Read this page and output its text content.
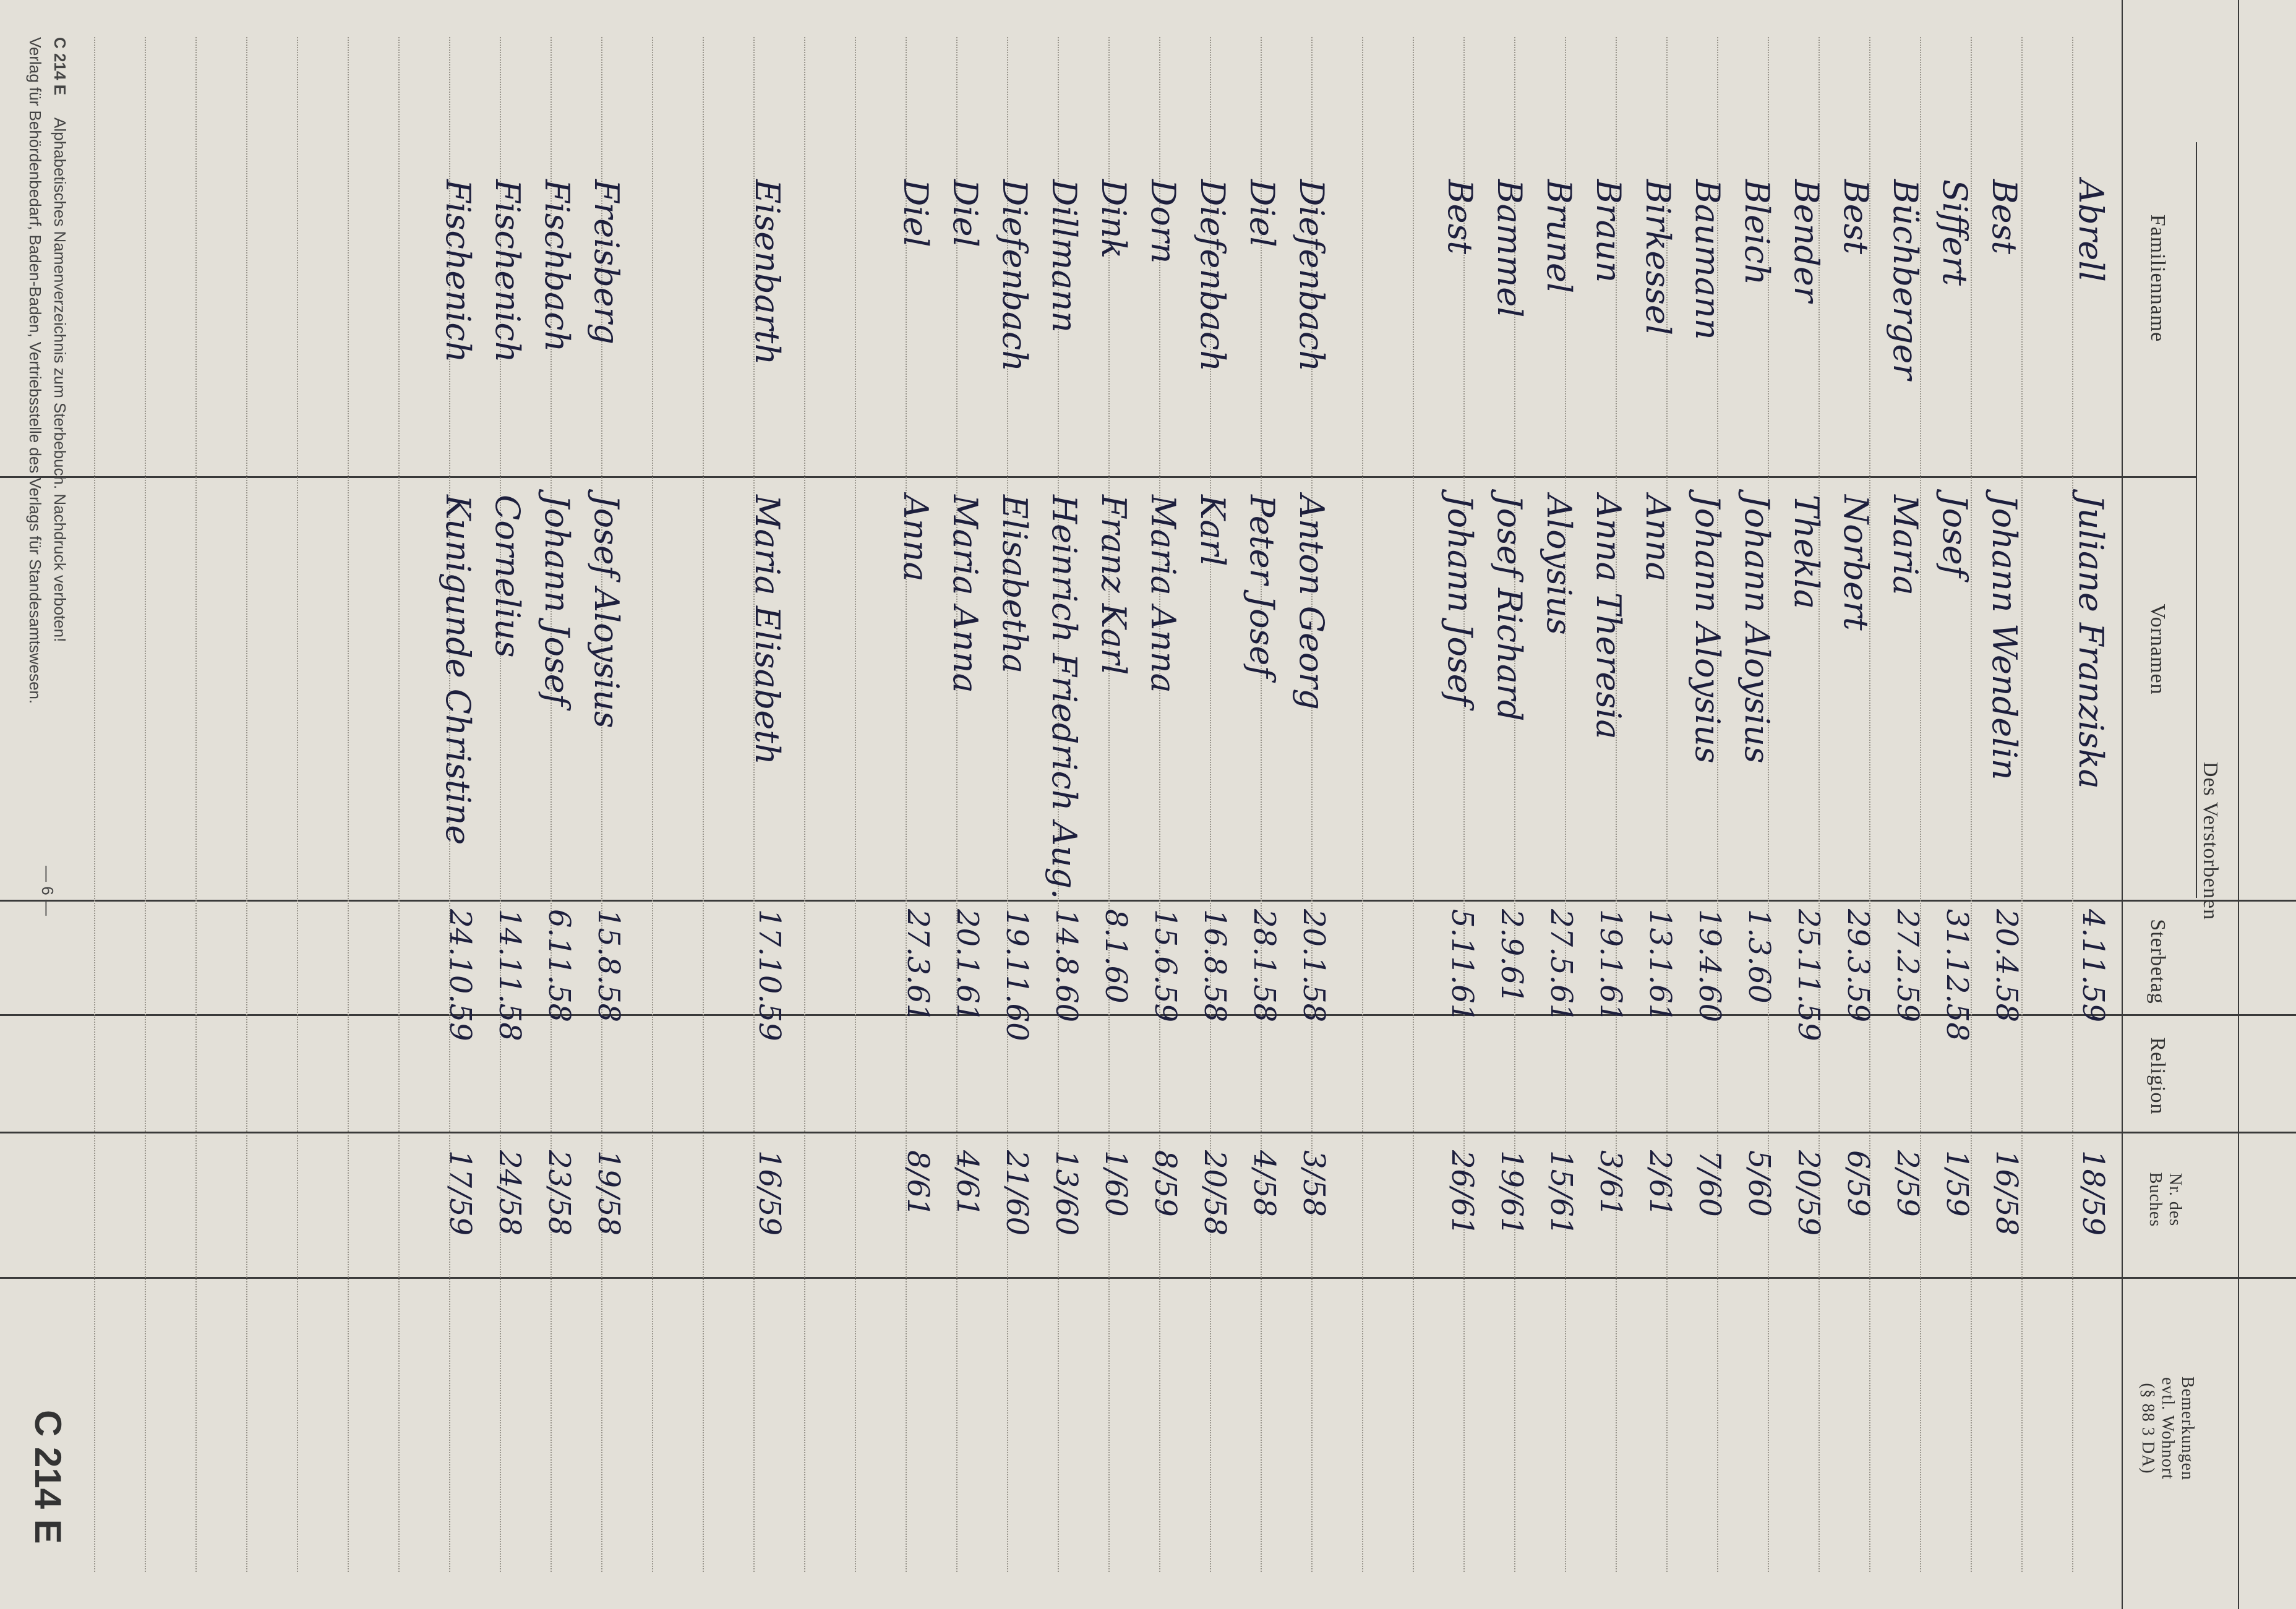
Des Verstorbenen
Familienname
Vornamen
Sterbetag
Religion
Nr. des
Buches
Bemerkungen
evtl. Wohnort
(§ 88 3 DA)
Abrell
Juliane Franziska
4.11.59
18/59
Best
Johann Wendelin
20.4.58
16/58
Siffert
Josef
31.12.58
1/59
Büchberger
Maria
27.2.59
2/59
Best
Norbert
29.3.59
6/59
Bender
Thekla
25.11.59
20/59
Bleich
Johann Aloysius
1.3.60
5/60
Baumann
Johann Aloysius
19.4.60
7/60
Birkessel
Anna
13.1.61
2/61
Braun
Anna Theresia
19.1.61
3/61
Brunel
Aloysius
27.5.61
15/61
Bammel
Josef Richard
2.9.61
19/61
Best
Johann Josef
5.11.61
26/61
Diefenbach
Anton Georg
20.1.58
3/58
Diel
Peter Josef
28.1.58
4/58
Diefenbach
Karl
16.8.58
20/58
Dorn
Maria Anna
15.6.59
8/59
Dink
Franz Karl
8.1.60
1/60
Dillmann
Heinrich Friedrich Aug.
14.8.60
13/60
Diefenbach
Elisabetha
19.11.60
21/60
Diel
Maria Anna
20.1.61
4/61
Diel
Anna
27.3.61
8/61
Eisenbarth
Maria Elisabeth
17.10.59
16/59
Freisberg
Josef Aloysius
15.8.58
19/58
Fischbach
Johann Josef
6.11.58
23/58
Fischenich
Cornelius
14.11.58
24/58
Fischenich
Kunigunde Christine
24.10.59
17/59
C 214 E
Alphabetisches Namenverzeichnis zum Sterbebuch. Nachdruck verboten!
Verlag für Behördenbedarf, Baden-Baden, Vertriebsstelle des Verlags für Standesamtswesen.
— 6 —
C 214 E
